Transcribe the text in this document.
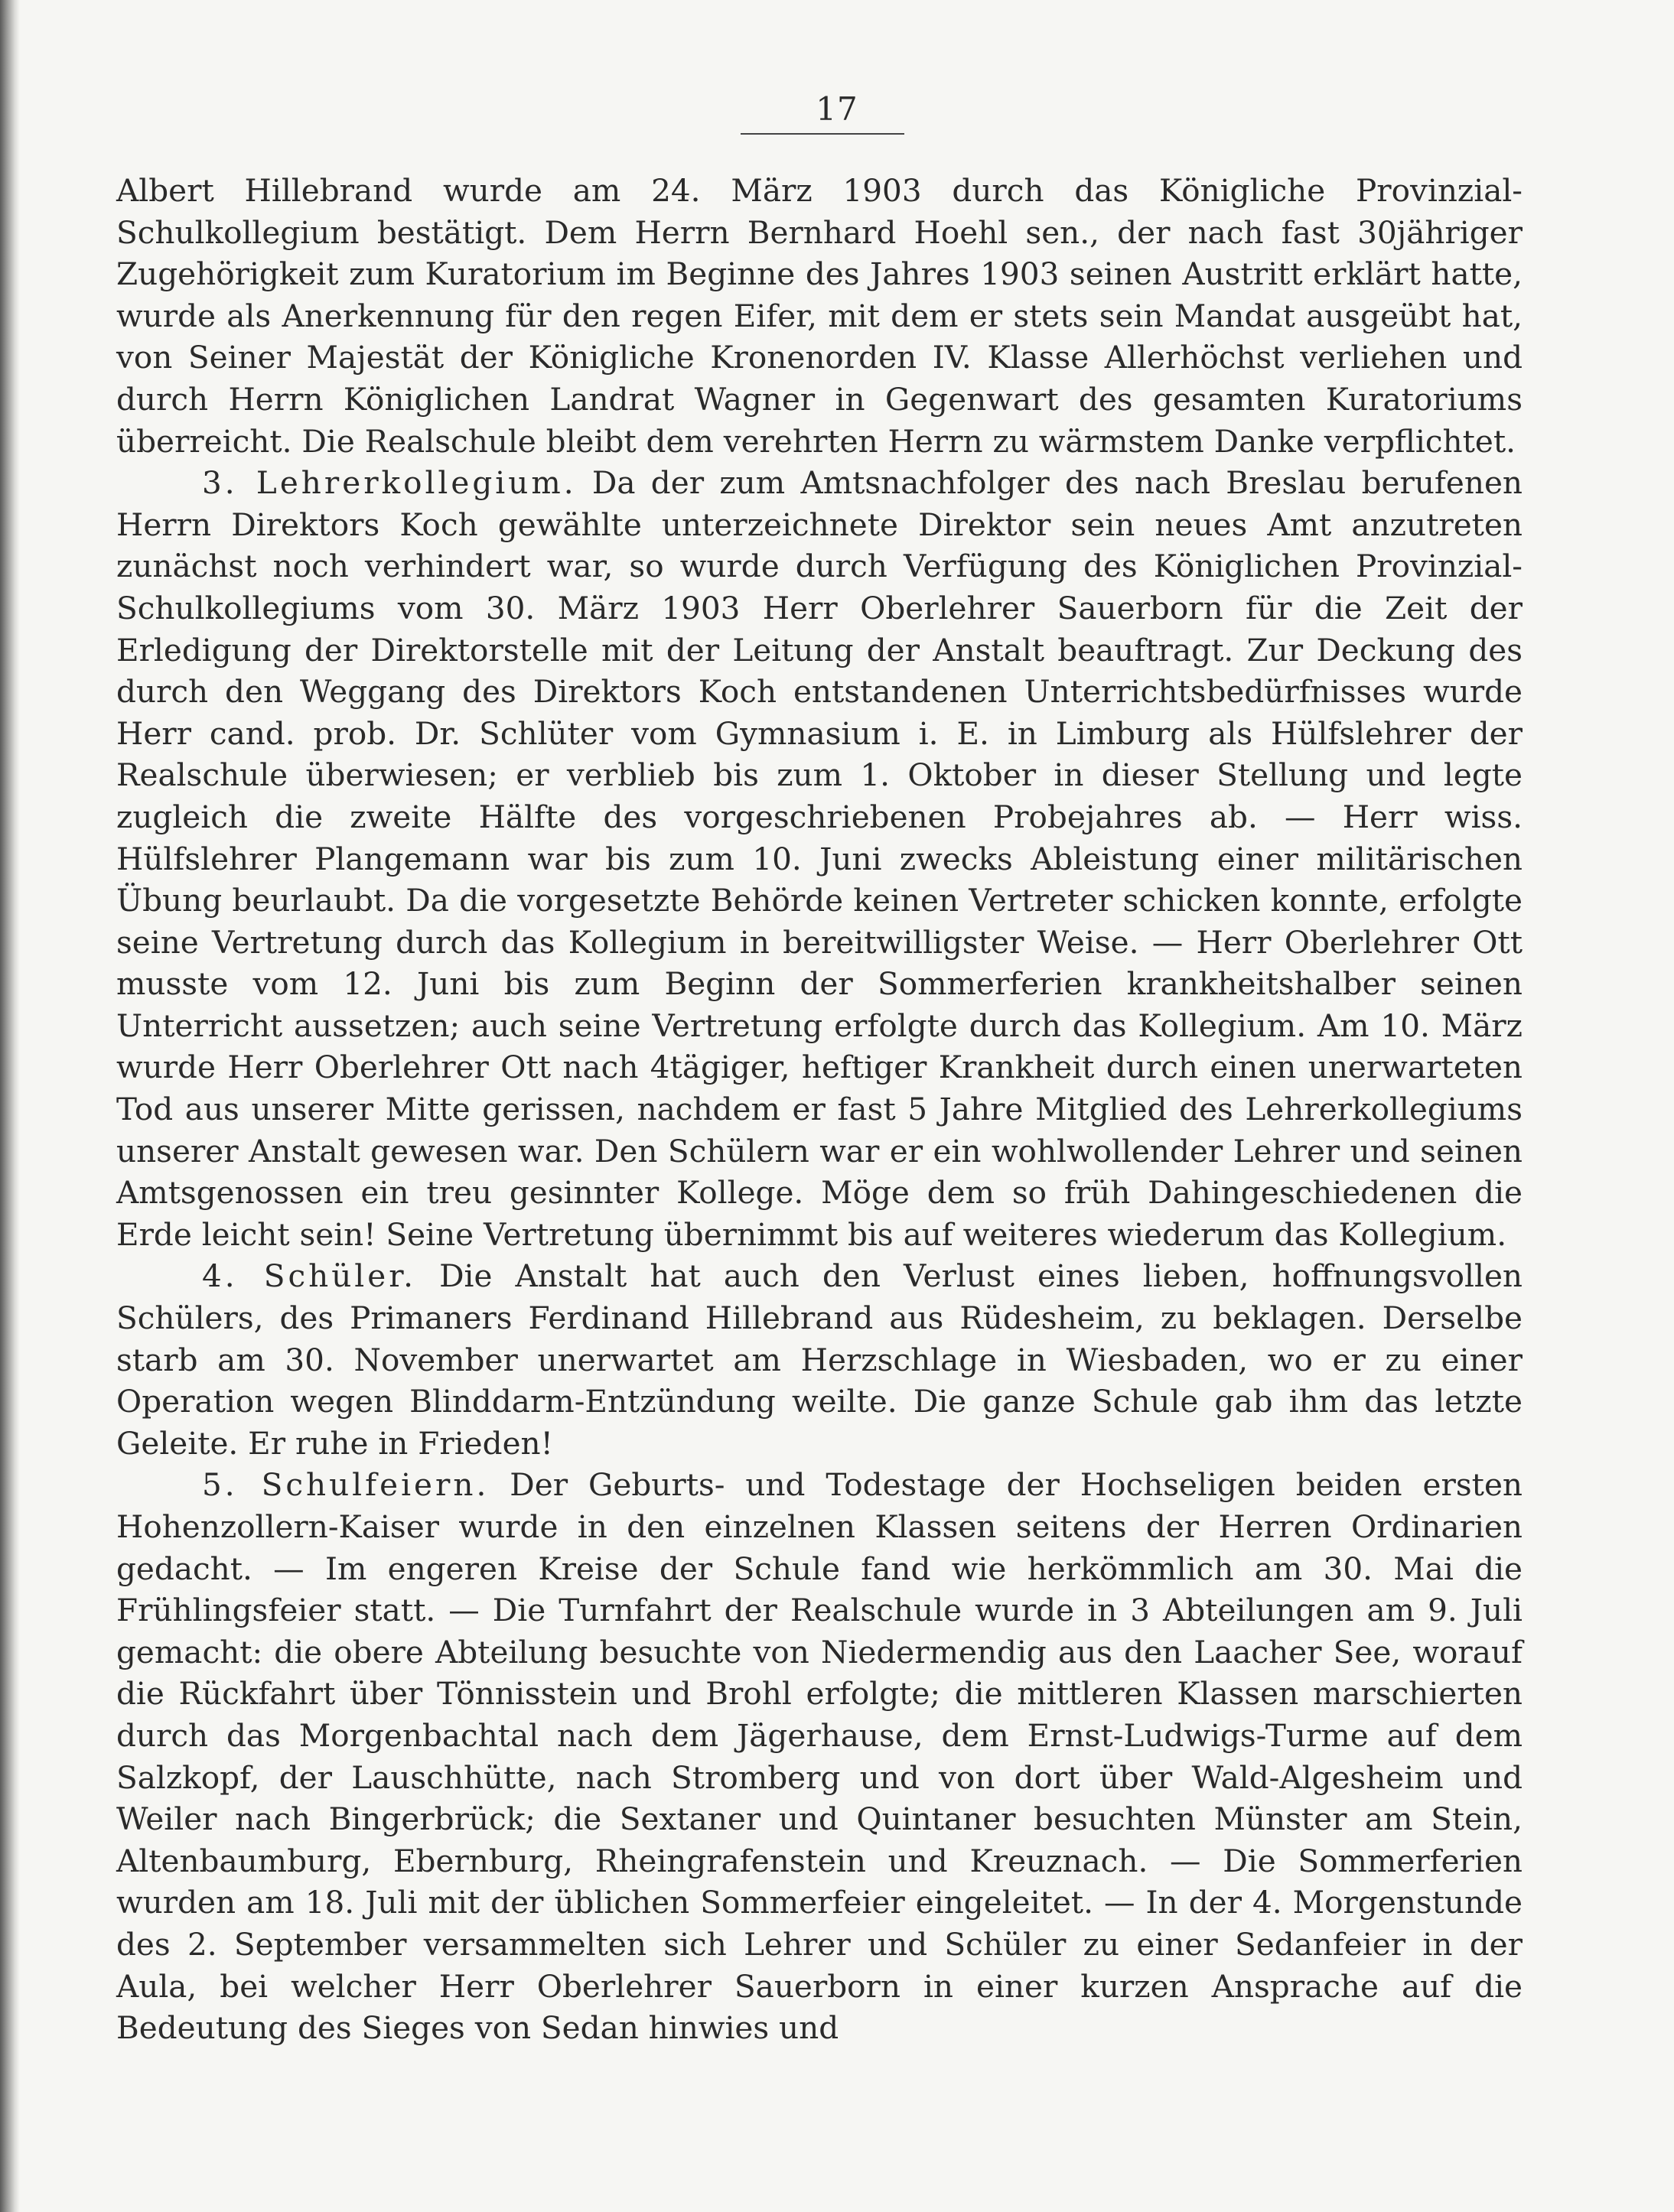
17

Albert Hillebrand wurde am 24. März 1903 durch das Königliche Provinzial-Schulkollegium bestätigt. Dem Herrn Bernhard Hoehl sen., der nach fast 30jähriger Zugehörigkeit zum Kuratorium im Beginne des Jahres 1903 seinen Austritt erklärt hatte, wurde als Anerkennung für den regen Eifer, mit dem er stets sein Mandat ausgeübt hat, von Seiner Majestät der Königliche Kronenorden IV. Klasse Allerhöchst verliehen und durch Herrn Königlichen Landrat Wagner in Gegenwart des gesamten Kuratoriums überreicht. Die Realschule bleibt dem verehrten Herrn zu wärmstem Danke verpflichtet.

3. Lehrerkollegium. Da der zum Amtsnachfolger des nach Breslau berufenen Herrn Direktors Koch gewählte unterzeichnete Direktor sein neues Amt anzutreten zunächst noch verhindert war, so wurde durch Verfügung des Königlichen Provinzial-Schulkollegiums vom 30. März 1903 Herr Oberlehrer Sauerborn für die Zeit der Erledigung der Direktorstelle mit der Leitung der Anstalt beauftragt. Zur Deckung des durch den Weggang des Direktors Koch entstandenen Unterrichtsbedürfnisses wurde Herr cand. prob. Dr. Schlüter vom Gymnasium i. E. in Limburg als Hülfslehrer der Realschule überwiesen; er verblieb bis zum 1. Oktober in dieser Stellung und legte zugleich die zweite Hälfte des vorgeschriebenen Probejahres ab. — Herr wiss. Hülfslehrer Plangemann war bis zum 10. Juni zwecks Ableistung einer militärischen Übung beurlaubt. Da die vorgesetzte Behörde keinen Vertreter schicken konnte, erfolgte seine Vertretung durch das Kollegium in bereitwilligster Weise. — Herr Oberlehrer Ott musste vom 12. Juni bis zum Beginn der Sommerferien krankheitshalber seinen Unterricht aussetzen; auch seine Vertretung erfolgte durch das Kollegium. Am 10. März wurde Herr Oberlehrer Ott nach 4tägiger, heftiger Krankheit durch einen unerwarteten Tod aus unserer Mitte gerissen, nachdem er fast 5 Jahre Mitglied des Lehrerkollegiums unserer Anstalt gewesen war. Den Schülern war er ein wohlwollender Lehrer und seinen Amtsgenossen ein treu gesinnter Kollege. Möge dem so früh Dahingeschiedenen die Erde leicht sein! Seine Vertretung übernimmt bis auf weiteres wiederum das Kollegium.

4. Schüler. Die Anstalt hat auch den Verlust eines lieben, hoffnungsvollen Schülers, des Primaners Ferdinand Hillebrand aus Rüdesheim, zu beklagen. Derselbe starb am 30. November unerwartet am Herzschlage in Wiesbaden, wo er zu einer Operation wegen Blinddarm-Entzündung weilte. Die ganze Schule gab ihm das letzte Geleite. Er ruhe in Frieden!

5. Schulfeiern. Der Geburts- und Todestage der Hochseligen beiden ersten Hohenzollern-Kaiser wurde in den einzelnen Klassen seitens der Herren Ordinarien gedacht. — Im engeren Kreise der Schule fand wie herkömmlich am 30. Mai die Frühlingsfeier statt. — Die Turnfahrt der Realschule wurde in 3 Abteilungen am 9. Juli gemacht: die obere Abteilung besuchte von Niedermendig aus den Laacher See, worauf die Rückfahrt über Tönnisstein und Brohl erfolgte; die mittleren Klassen marschierten durch das Morgenbachtal nach dem Jägerhause, dem Ernst-Ludwigs-Turme auf dem Salzkopf, der Lauschhütte, nach Stromberg und von dort über Wald-Algesheim und Weiler nach Bingerbrück; die Sextaner und Quintaner besuchten Münster am Stein, Altenbaumburg, Ebernburg, Rheingrafenstein und Kreuznach. — Die Sommerferien wurden am 18. Juli mit der üblichen Sommerfeier eingeleitet. — In der 4. Morgenstunde des 2. September versammelten sich Lehrer und Schüler zu einer Sedanfeier in der Aula, bei welcher Herr Oberlehrer Sauerborn in einer kurzen Ansprache auf die Bedeutung des Sieges von Sedan hinwies und
